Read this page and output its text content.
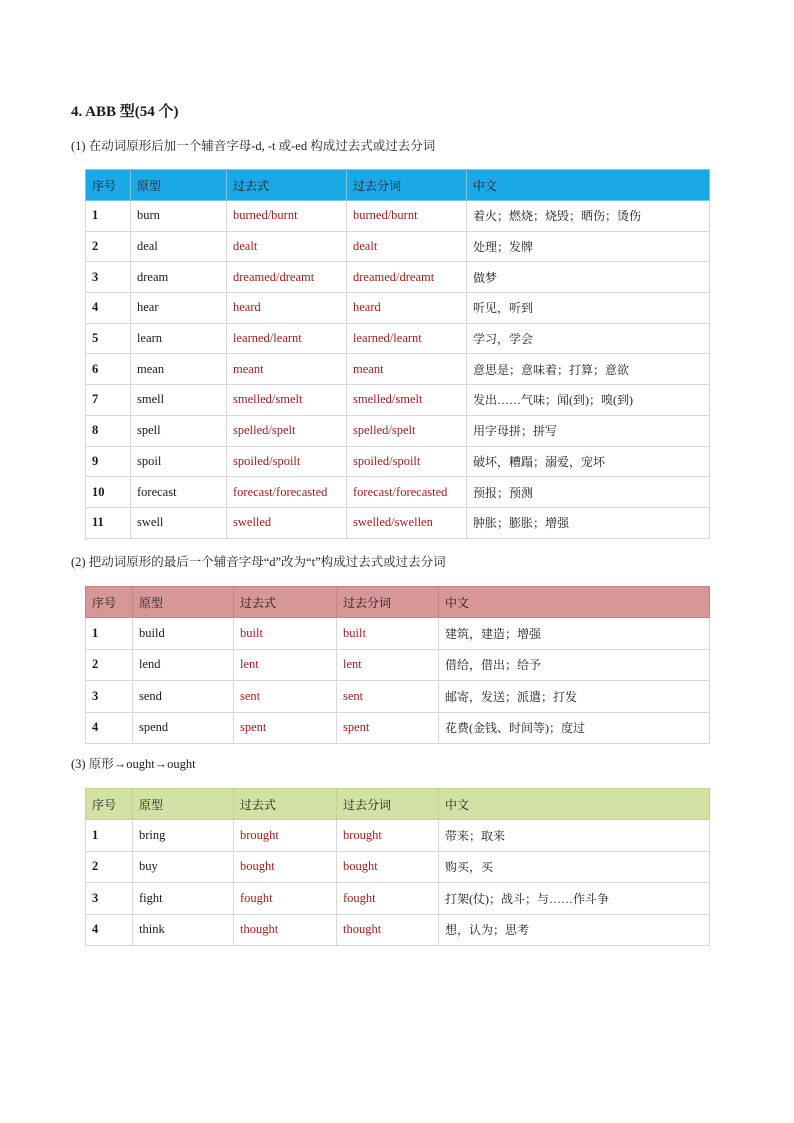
4. ABB 型(54 个)
(1) 在动词原形后加一个辅音字母-d, -t 或-ed 构成过去式或过去分词
序号	原型	过去式	过去分词	中文
1	burn	burned/burnt	burned/burnt	着火；燃烧；烧毁；晒伤；烫伤
2	deal	dealt	dealt	处理；发牌
3	dream	dreamed/dreamt	dreamed/dreamt	做梦
4	hear	heard	heard	听见，听到
5	learn	learned/learnt	learned/learnt	学习，学会
6	mean	meant	meant	意思是；意味着；打算；意欲
7	smell	smelled/smelt	smelled/smelt	发出……气味；闻(到)；嗅(到)
8	spell	spelled/spelt	spelled/spelt	用字母拼；拼写
9	spoil	spoiled/spoilt	spoiled/spoilt	破坏，糟蹋；溺爱，宠坏
10	forecast	forecast/forecasted	forecast/forecasted	预报；预测
11	swell	swelled	swelled/swellen	肿胀；膨胀；增强
(2) 把动词原形的最后一个辅音字母“d”改为“t”构成过去式或过去分词
序号	原型	过去式	过去分词	中文
1	build	built	built	建筑，建造；增强
2	lend	lent	lent	借给，借出；给予
3	send	sent	sent	邮寄，发送；派遣；打发
4	spend	spent	spent	花费(金钱、时间等)；度过
(3) 原形→ought→ought
序号	原型	过去式	过去分词	中文
1	bring	brought	brought	带来；取来
2	buy	bought	bought	购买，买
3	fight	fought	fought	打架(仗)；战斗；与……作斗争
4	think	thought	thought	想，认为；思考
